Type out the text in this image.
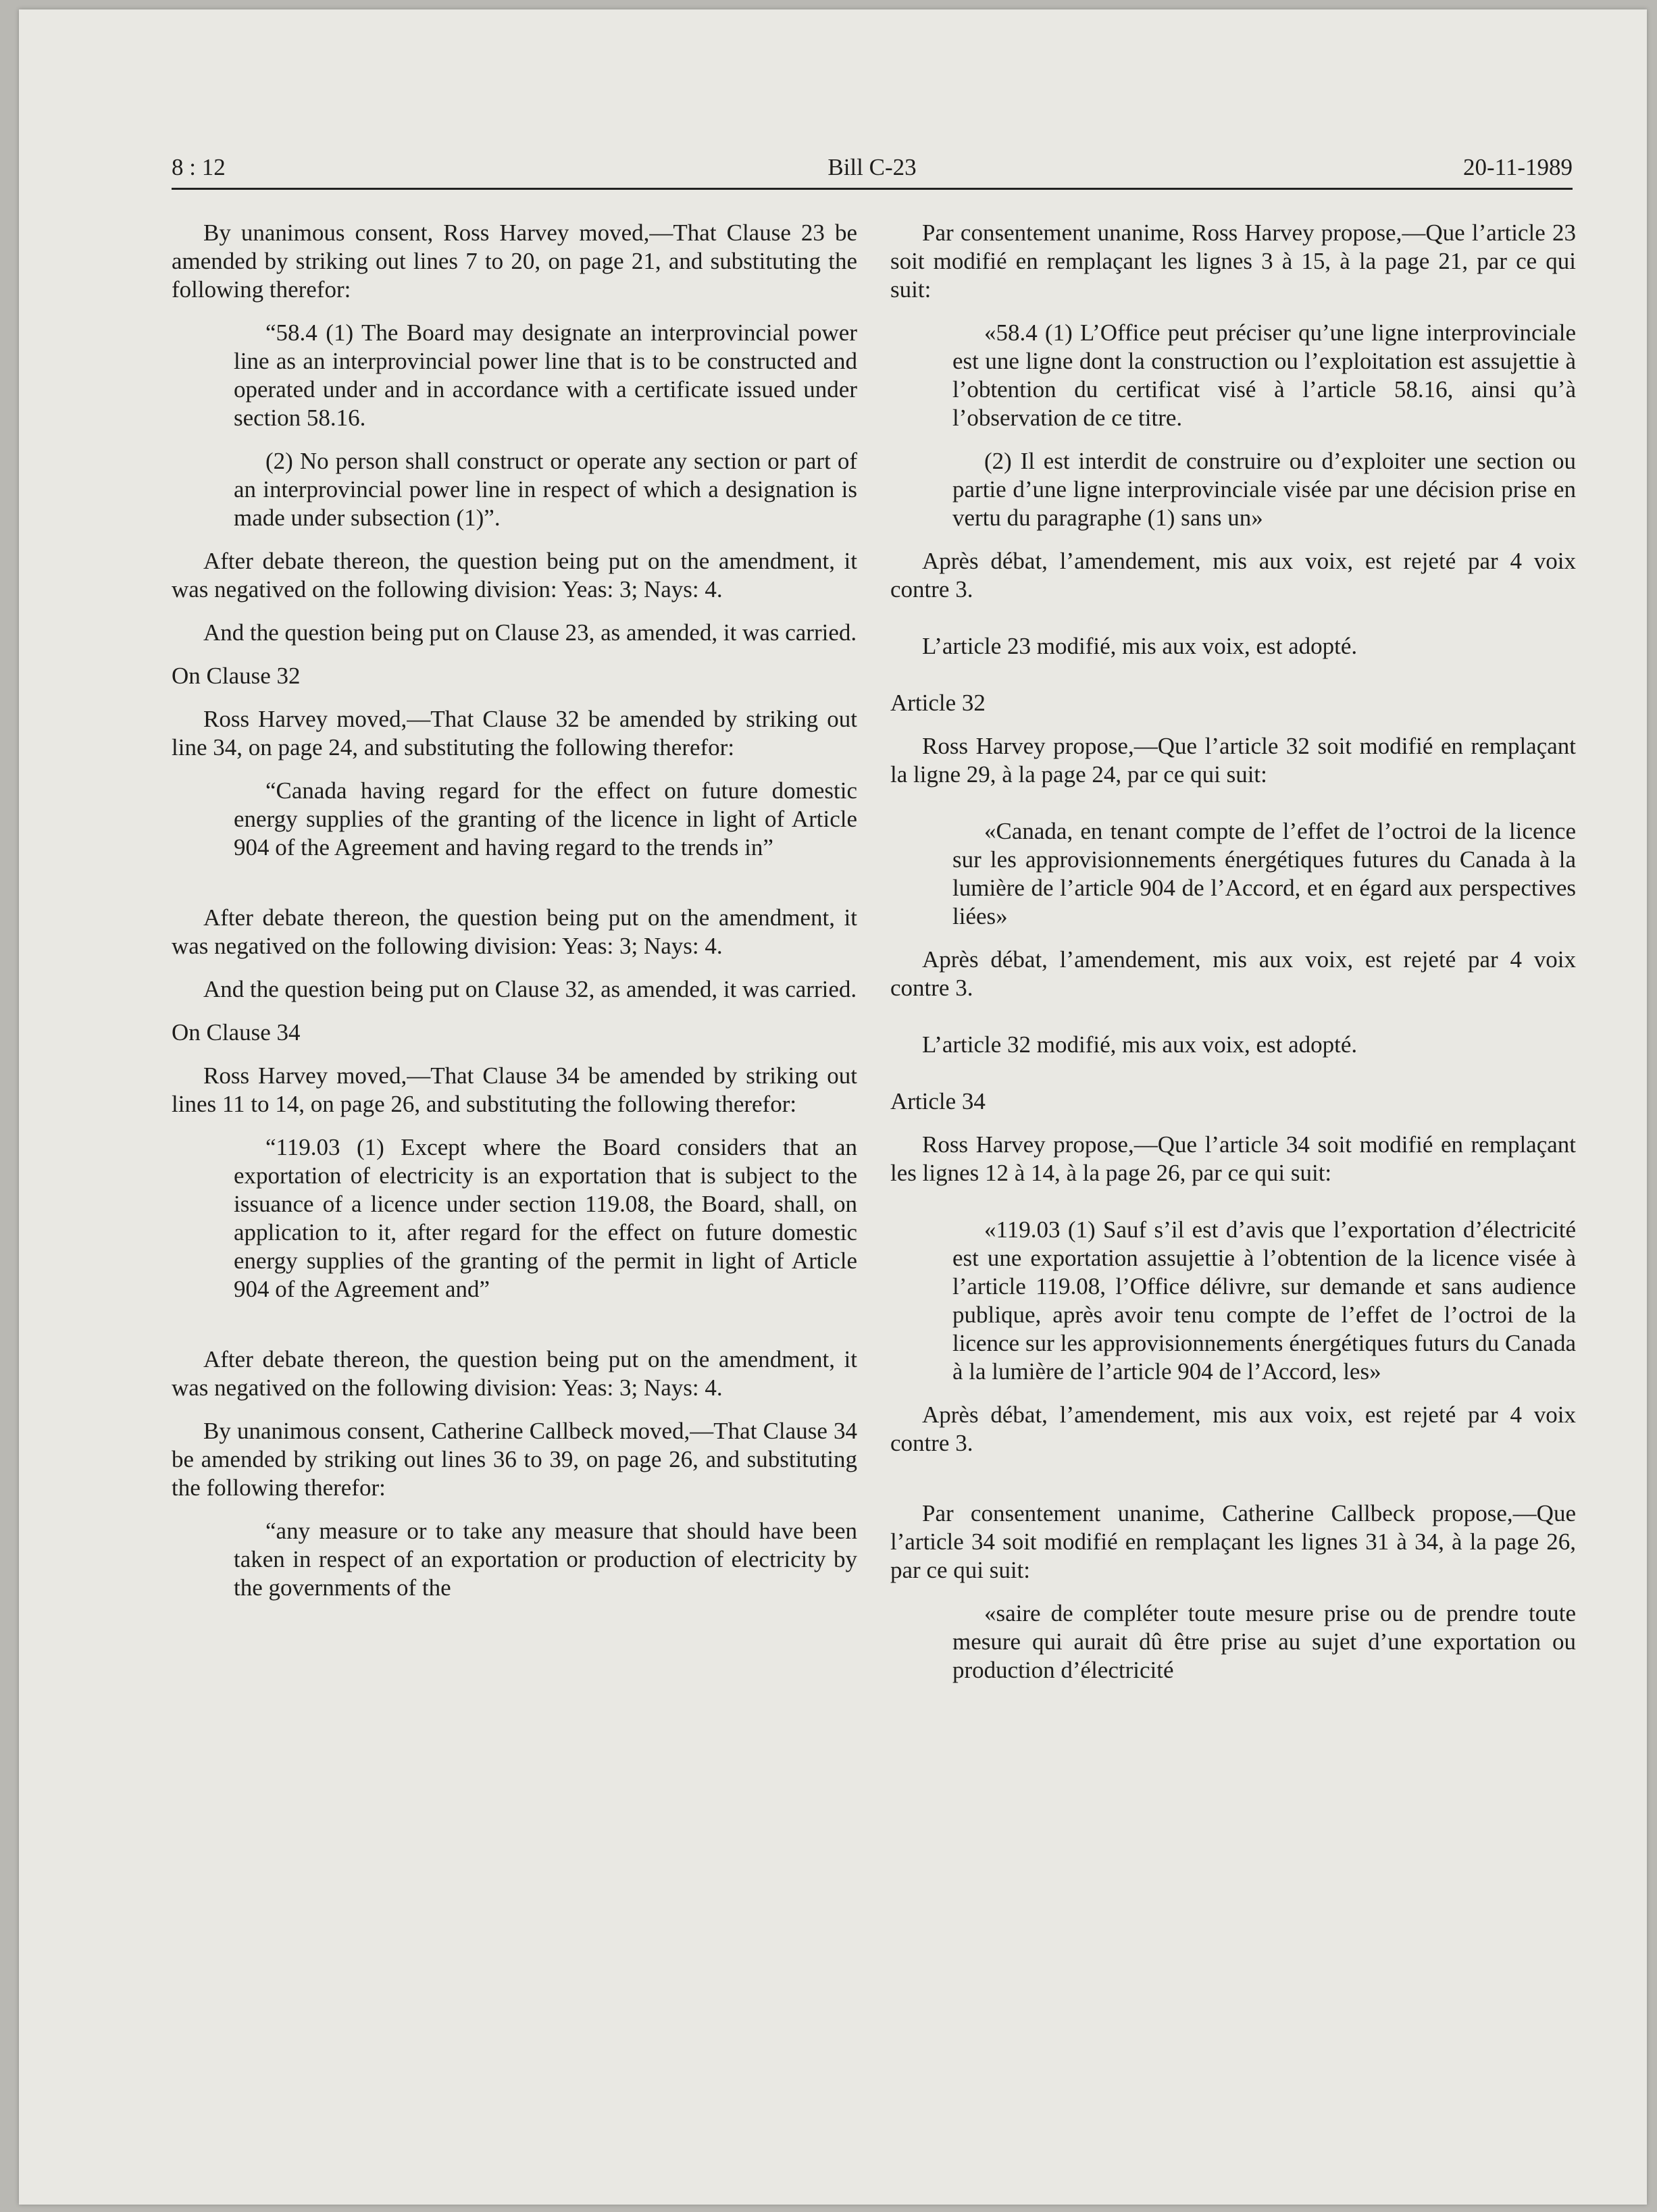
8 : 12	Bill C-23	20-11-1989

By unanimous consent, Ross Harvey moved,—That Clause 23 be amended by striking out lines 7 to 20, on page 21, and substituting the following therefor:

“58.4 (1) The Board may designate an interprovincial power line as an interprovincial power line that is to be constructed and operated under and in accordance with a certificate issued under section 58.16.

(2) No person shall construct or operate any section or part of an interprovincial power line in respect of which a designation is made under subsection (1)”.

After debate thereon, the question being put on the amendment, it was negatived on the following division: Yeas: 3; Nays: 4.

And the question being put on Clause 23, as amended, it was carried.

On Clause 32

Ross Harvey moved,—That Clause 32 be amended by striking out line 34, on page 24, and substituting the following therefor:

“Canada having regard for the effect on future domestic energy supplies of the granting of the licence in light of Article 904 of the Agreement and having regard to the trends in”

After debate thereon, the question being put on the amendment, it was negatived on the following division: Yeas: 3; Nays: 4.

And the question being put on Clause 32, as amended, it was carried.

On Clause 34

Ross Harvey moved,—That Clause 34 be amended by striking out lines 11 to 14, on page 26, and substituting the following therefor:

“119.03 (1) Except where the Board considers that an exportation of electricity is an exportation that is subject to the issuance of a licence under section 119.08, the Board, shall, on application to it, after regard for the effect on future domestic energy supplies of the granting of the permit in light of Article 904 of the Agreement and”

After debate thereon, the question being put on the amendment, it was negatived on the following division: Yeas: 3; Nays: 4.

By unanimous consent, Catherine Callbeck moved,—That Clause 34 be amended by striking out lines 36 to 39, on page 26, and substituting the following therefor:

“any measure or to take any measure that should have been taken in respect of an exportation or production of electricity by the governments of the

Par consentement unanime, Ross Harvey propose,—Que l’article 23 soit modifié en remplaçant les lignes 3 à 15, à la page 21, par ce qui suit:

«58.4 (1) L’Office peut préciser qu’une ligne interprovinciale est une ligne dont la construction ou l’exploitation est assujettie à l’obtention du certificat visé à l’article 58.16, ainsi qu’à l’observation de ce titre.

(2) Il est interdit de construire ou d’exploiter une section ou partie d’une ligne interprovinciale visée par une décision prise en vertu du paragraphe (1) sans un»

Après débat, l’amendement, mis aux voix, est rejeté par 4 voix contre 3.

L’article 23 modifié, mis aux voix, est adopté.

Article 32

Ross Harvey propose,—Que l’article 32 soit modifié en remplaçant la ligne 29, à la page 24, par ce qui suit:

«Canada, en tenant compte de l’effet de l’octroi de la licence sur les approvisionnements énergétiques futures du Canada à la lumière de l’article 904 de l’Accord, et en égard aux perspectives liées»

Après débat, l’amendement, mis aux voix, est rejeté par 4 voix contre 3.

L’article 32 modifié, mis aux voix, est adopté.

Article 34

Ross Harvey propose,—Que l’article 34 soit modifié en remplaçant les lignes 12 à 14, à la page 26, par ce qui suit:

«119.03 (1) Sauf s’il est d’avis que l’exportation d’électricité est une exportation assujettie à l’obtention de la licence visée à l’article 119.08, l’Office délivre, sur demande et sans audience publique, après avoir tenu compte de l’effet de l’octroi de la licence sur les approvisionnements énergétiques futurs du Canada à la lumière de l’article 904 de l’Accord, les»

Après débat, l’amendement, mis aux voix, est rejeté par 4 voix contre 3.

Par consentement unanime, Catherine Callbeck propose,—Que l’article 34 soit modifié en remplaçant les lignes 31 à 34, à la page 26, par ce qui suit:

«saire de compléter toute mesure prise ou de prendre toute mesure qui aurait dû être prise au sujet d’une exportation ou production d’électricité
